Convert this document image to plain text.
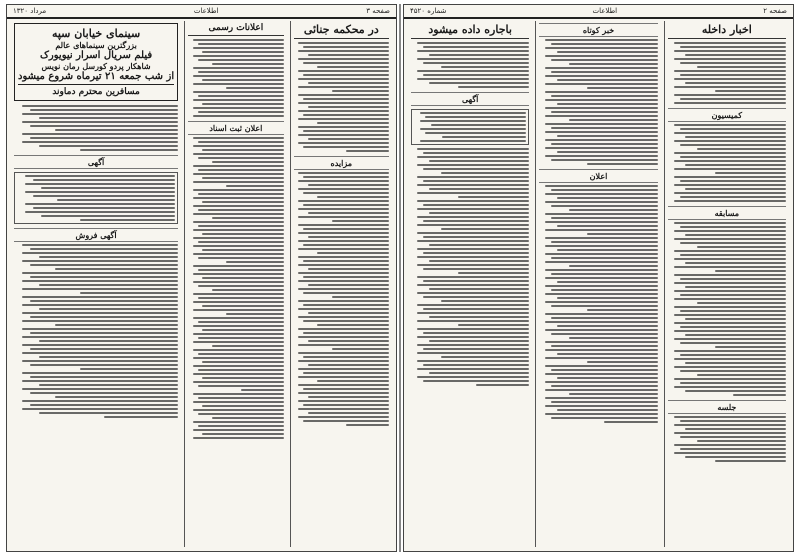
صفحه ۳
اطلاعات
مرداد ۱۳۲۰
در محکمه جنائی
مزایده
اعلانات رسمی
اعلان ثبت اسناد
سینمای خیابان سپه
بزرگترین سینماهای عالم
فیلم سریال اسرار نیویورک
شاهکار پردو کورسل رمان نویس
از شب جمعه ۲۱ تیرماه شروع میشود
مسافرین محترم دماوند
آگهی
آگهی فروش
صفحه ۲
اطلاعات
شماره ۴۵۲۰
اخبار داخله
کمیسیون
مسابقه
جلسه
خبر کوتاه
اعلان
باجاره داده میشود
آگهی
